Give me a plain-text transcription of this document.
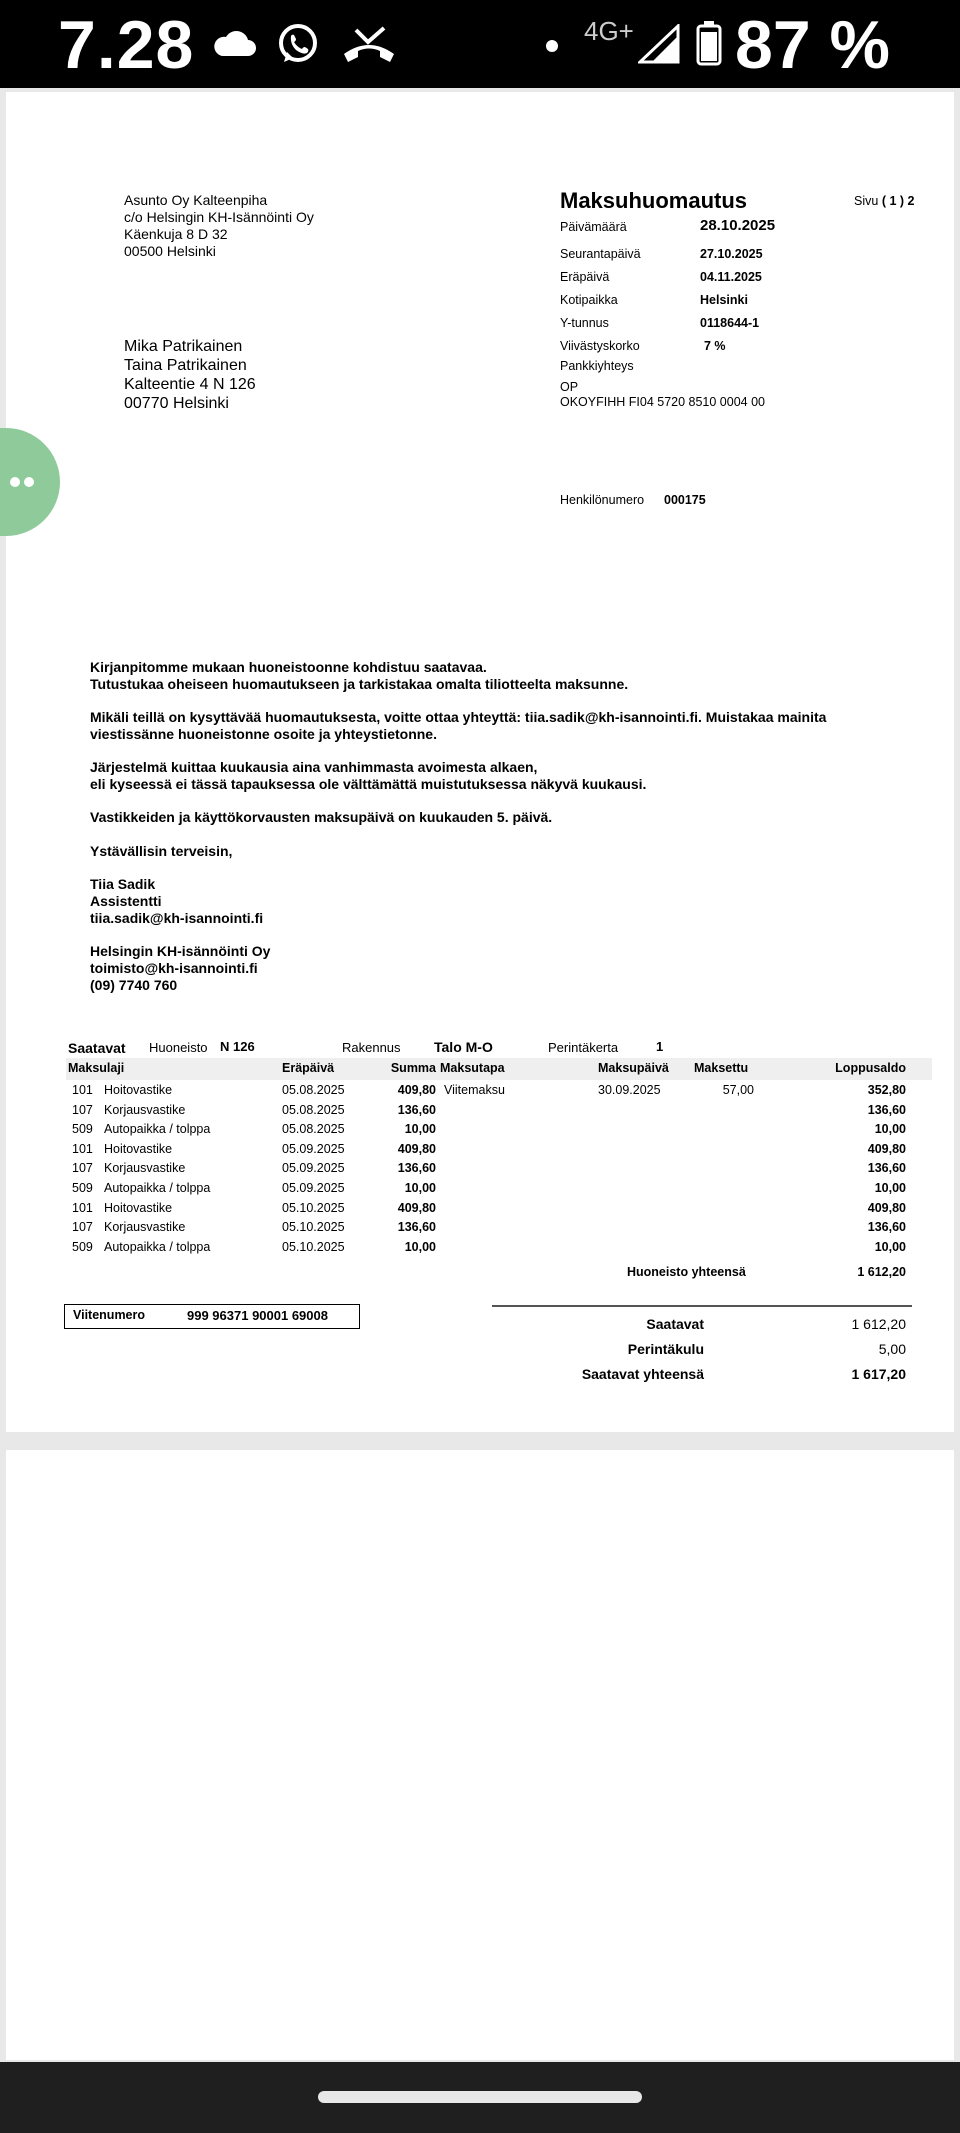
7.28	4G+ 87 %
Asunto Oy Kalteenpiha
c/o Helsingin KH-Isännöinti Oy
Käenkuja 8 D 32
00500 Helsinki
Mika Patrikainen
Taina Patrikainen
Kalteentie 4 N 126
00770 Helsinki
Maksuhuomautus	Sivu ( 1 ) 2
Päivämäärä	28.10.2025
Seurantapäivä	27.10.2025
Eräpäivä	04.11.2025
Kotipaikka	Helsinki
Y-tunnus	0118644-1
Viivästyskorko	7 %
Pankkiyhteys
OP
OKOYFIHH FI04 5720 8510 0004 00
Henkilönumero 000175
Kirjanpitomme mukaan huoneistoonne kohdistuu saatavaa.
Tutustukaa oheiseen huomautukseen ja tarkistakaa omalta tiliotteelta maksunne.
Mikäli teillä on kysyttävää huomautuksesta, voitte ottaa yhteyttä: tiia.sadik@kh-isannointi.fi. Muistakaa mainita
viestissänne huoneistonne osoite ja yhteystietonne.
Järjestelmä kuittaa kuukausia aina vanhimmasta avoimesta alkaen,
eli kyseessä ei tässä tapauksessa ole välttämättä muistutuksessa näkyvä kuukausi.
Vastikkeiden ja käyttökorvausten maksupäivä on kuukauden 5. päivä.
Ystävällisin terveisin,
Tiia Sadik
Assistentti
tiia.sadik@kh-isannointi.fi
Helsingin KH-isännöinti Oy
toimisto@kh-isannointi.fi
(09) 7740 760
Saatavat Huoneisto N 126	Rakennus Talo M-O	Perintäkerta	1
Maksulaji	Eräpäivä	Summa Maksutapa	Maksupäivä Maksettu	Loppusaldo
101 Hoitovastike	05.08.2025	409,80 Viitemaksu	30.09.2025	57,00	352,80
107 Korjausvastike	05.08.2025	136,60	136,60
509 Autopaikka / tolppa	05.08.2025	10,00	10,00
101 Hoitovastike	05.09.2025	409,80	409,80
107 Korjausvastike	05.09.2025	136,60	136,60
509 Autopaikka / tolppa	05.09.2025	10,00	10,00
101 Hoitovastike	05.10.2025	409,80	409,80
107 Korjausvastike	05.10.2025	136,60	136,60
509 Autopaikka / tolppa	05.10.2025	10,00	10,00
Huoneisto yhteensä	1 612,20
Viitenumero	999 96371 90001 69008
Saatavat	1 612,20
Perintäkulu	5,00
Saatavat yhteensä	1 617,20
